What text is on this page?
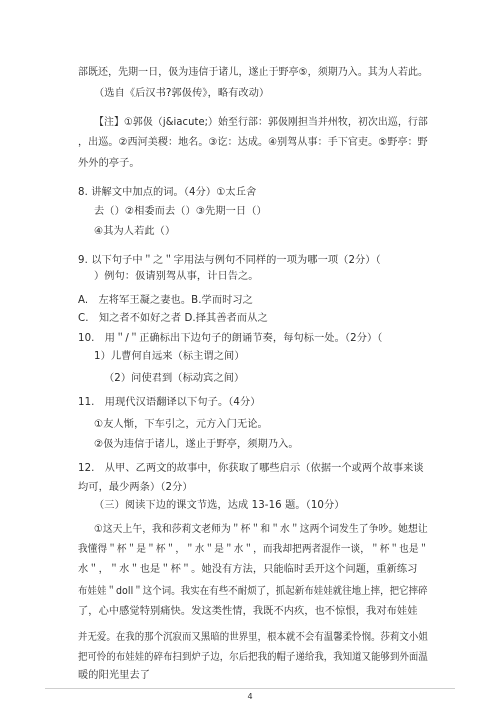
部既还，先期一日，伋为违信于诸儿，遂止于野亭⑤，须期乃入。其为人若此。
（选自《后汉书?郭伋传》，略有改动）
【注】①郭伋（j&iacute;）始至行部：郭伋刚担当并州牧，初次出巡，行部
，出巡。②西河美稷：地名。③讫：达成。④别驾从事：手下官吏。⑤野亭：野
外外的亭子。
8. 讲解文中加点的词。（4分）①太丘舍
去（）②相委而去（）③先期一日（）
④其为人若此（）
9. 以下句子中＂之＂字用法与例句不同样的一项为哪一项（2分）（
）例句：伋请别驾从事，计日告之。
A.　左将军王凝之妻也。B.学而时习之
C.　知之者不如好之者 D.择其善者而从之
10.　用＂/＂正确标出下边句子的朗诵节奏，每句标一处。（2分）（
1）儿曹何自远来（标主谓之间）
（2）问使君到（标动宾之间）
11.　用现代汉语翻译以下句子。（4分）
①友人惭，下车引之，元方入门无论。
②伋为违信于诸儿，遂止于野亭，须期乃入。
12.　从甲、乙两文的故事中，你获取了哪些启示（依据一个或两个故事来谈
均可，最少两条）（2分）
（三）阅读下边的课文节选，达成 13-16 题。（10分）
①这天上午，我和莎莉文老师为＂杯＂和＂水＂这两个词发生了争吵。她想让
我懂得＂杯＂是＂杯＂，＂水＂是＂水＂，而我却把两者混作一谈，＂杯＂也是＂
水＂，＂水＂也是＂杯＂。她没有方法，只能临时丢开这个问题，重新练习
布娃娃＂doll＂这个词。我实在有些不耐烦了，抓起新布娃娃就往地上摔，把它摔碎
了，心中感觉特别痛快。发这类性情，我既不内疚，也不惊恨，我对布娃娃
并无爱。在我的那个沉寂而又黑暗的世界里，根本就不会有温馨柔怜悯。莎莉文小姐
把可怜的布娃娃的碎布扫到炉子边，尔后把我的帽子递给我，我知道又能够到外面温
暖的阳光里去了
4
